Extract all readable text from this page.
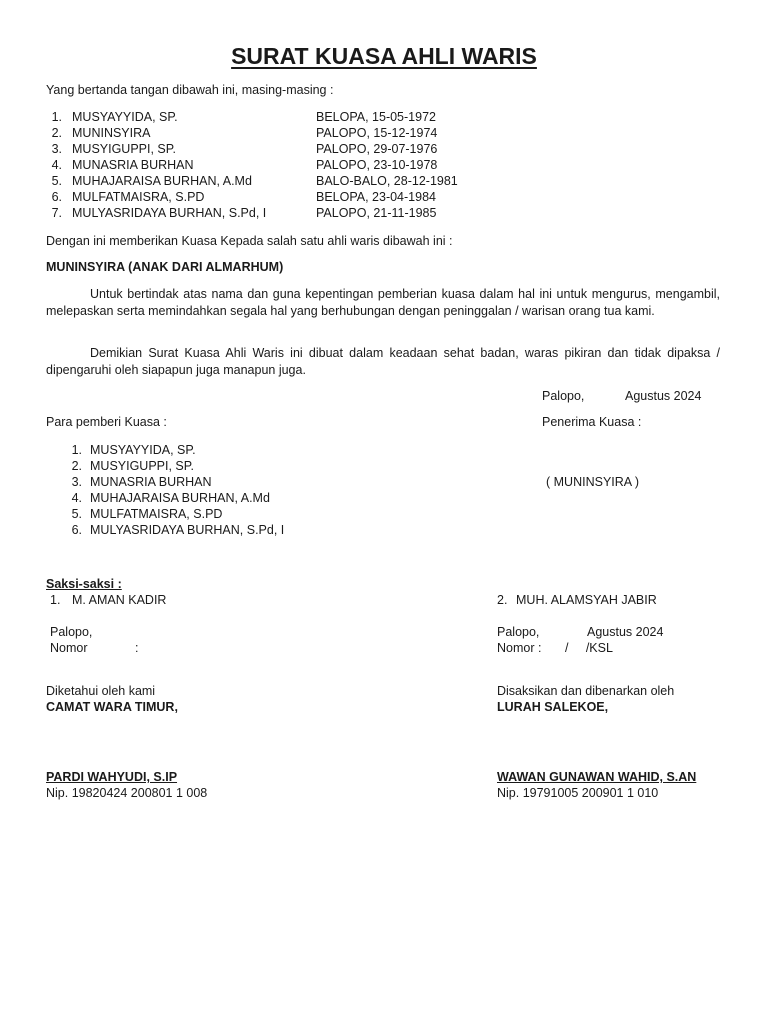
SURAT KUASA AHLI WARIS
Yang bertanda tangan dibawah ini, masing-masing :
1. MUSYAYYIDA, SP.	BELOPA, 15-05-1972
2. MUNINSYIRA	PALOPO, 15-12-1974
3. MUSYIGUPPI, SP.	PALOPO, 29-07-1976
4. MUNASRIA BURHAN	PALOPO, 23-10-1978
5. MUHAJARAISA BURHAN, A.Md	BALO-BALO, 28-12-1981
6. MULFATMAISRA, S.PD	BELOPA, 23-04-1984
7. MULYASRIDAYA BURHAN, S.Pd, I	PALOPO, 21-11-1985
Dengan ini memberikan Kuasa Kepada salah satu ahli waris dibawah ini :
MUNINSYIRA (ANAK DARI ALMARHUM)
Untuk bertindak atas nama dan guna kepentingan pemberian kuasa dalam hal ini untuk mengurus, mengambil, melepaskan serta memindahkan segala hal yang berhubungan dengan peninggalan / warisan orang tua kami.
Demikian Surat Kuasa Ahli Waris ini dibuat dalam keadaan sehat badan, waras pikiran dan tidak dipaksa / dipengaruhi oleh siapapun juga manapun juga.
Palopo,	Agustus 2024
Para pemberi Kuasa :	Penerima Kuasa :
1. MUSYAYYIDA, SP.
2. MUSYIGUPPI, SP.
3. MUNASRIA BURHAN
4. MUHAJARAISA BURHAN, A.Md
5. MULFATMAISRA, S.PD
6. MULYASRIDAYA BURHAN, S.Pd, I
( MUNINSYIRA )
Saksi-saksi :
1. M. AMAN KADIR	2. MUH. ALAMSYAH JABIR
Palopo,	Palopo,	Agustus 2024
Nomor	:	Nomor : /     /KSL
Diketahui oleh kami
CAMAT WARA TIMUR,
Disaksikan dan dibenarkan oleh
LURAH SALEKOE,
PARDI WAHYUDI, S.IP
Nip. 19820424 200801 1 008
WAWAN GUNAWAN WAHID, S.AN
Nip. 19791005 200901 1 010
